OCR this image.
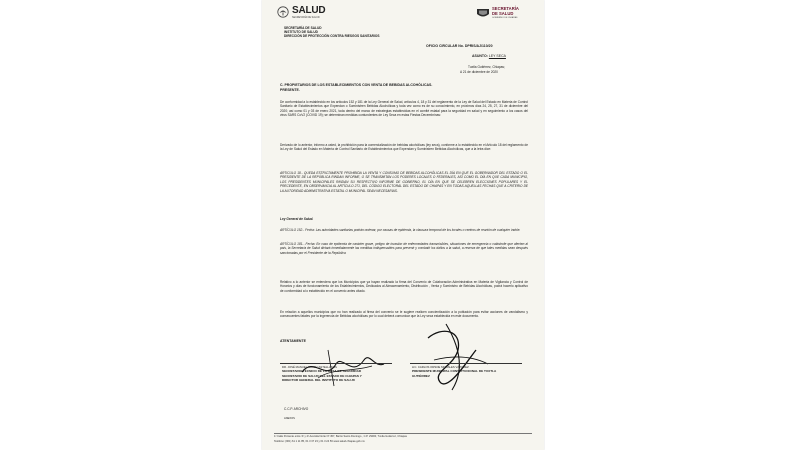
SALUD
SECRETARÍA DE SALUD
SECRETARÍA
DE SALUD
GOBIERNO DE CHIAPAS
SECRETARÍA DE SALUD
INSTITUTO DE SALUD
DIRECCIÓN DE PROTECCIÓN CONTRA RIESGOS SANITARIOS
OFICIO CIRCULAR No. DPRIS/AJ/110/20
ASUNTO: LEY SECA
Tuxtla Gutiérrez, Chiapas;
A 21 de diciembre de 2020
C. PROPIETARIOS DE LOS ESTABLECIMIENTOS CON VENTA DE BEBIDAS ALCOHÓLICAS.
PRESENTE.
De conformidad a lo establecido en los artículos 152 y 181 de la Ley General de Salud, artículos 4, 18 y 31 del reglamento de la Ley de Salud del Estado en Materia de Control Sanitario de Establecimientos que Expendan o Suministren Bebidas Alcohólicas y toda vez como es de su conocimiento, en próximos días 24, 25, 27, 31 de diciembre del 2020; así como 01 y 03 de enero 2021, toda dentro del marco de estrategias establecidas en el comité estatal para la seguridad en salud y en seguimiento a los casos del virus SARS CoV2 (COVID 19); se determinan medidas contundentes de Ley Seca en estas Fiestas Decembrinas:
Derivado de lo anterior, informo a usted, la prohibición para la comercialización de bebidas alcohólicas (ley seca), conforme a lo establecido en el Artículo 18 del reglamento de la Ley de Salud del Estado en Materia de Control Sanitario de Establecimientos que Expendan y Suministren Bebidas Alcohólicas, que a la letra dice:
ARTICULO 18.- QUEDA ESTRICTAMENTE PROHIBIDA LA VENTA Y CONSUMO DE BEBIDAS ALCOHÓLICAS EL DÍA EN QUE EL GOBERNADOR DEL ESTADO O EL PRESIDENTE DE LA REPÚBLICA RINDAN INFORME, O SE TRANSMITAN LOS PODERES LOCALES O FEDERALES, ASÍ COMO EL DÍA EN QUE CADA MUNICIPIO, LOS PRESIDENTES MUNICIPALES RINDAN SU RESPECTIVO INFORME DE GOBIERNO, EL DÍA EN QUE SE CELEBREN ELECCIONES POPULARES Y EL PRECEDENTE, EN OBSERVANCIA AL ARTÍCULO 271, DEL CÓDIGO ELECTORAL DEL ESTADO DE CHIAPAS Y EN TODAS AQUELLAS FECHAS QUE A CRITERIO DE LA AUTORIDAD ADMINISTRATIVA ESTATAL O MUNICIPAL SEAN NECESARIAS.
Ley General de Salud.
ARTÍCULO 152.- Fecha: Las autoridades sanitarias podrán ordenar, por causas de epidemia, la clausura temporal de los locales o centros de reunión de cualquier índole.
ARTÍCULO 181.- Fecha: En caso de epidemia de carácter grave, peligro de invasión de enfermedades transmisibles, situaciones de emergencia o catástrofe que afecten al país, la Secretaría de Salud dictará inmediatamente las medidas indispensables para prevenir y combatir los daños a la salud, a reserva de que tales medidas sean después sancionadas por el Presidente de la República
Relativo a lo anterior se entendera que los Municipios que ya hayan realizado la firma del Convenio de Colaboración Administrativa en Materia de Vigilancia y Control de Horarios y días de funcionamiento de los Establecimientos, Dedicados al Almacenamiento, Distribución , Venta y Suministro de Bebidas Alcohólicas, podrá hacerlo aplicativo de conformidad a lo establecido en el convenio antes citado.
En relación a aquellos municipios que no han realizado al firma del convenio se le sugiere realicen concientización a la población para evitar acciones de vandalismo y consecuentes fatales por la ingerencia de Bebidas alcohólicas por lo cual deberá comunicar que la Ley seca establecida en este documento.
ATENTAMENTE
DR. JOSÉ MANUEL CRUZ CASTELLANOS
SECRETARIO TÉCNICO DE LA MESA DE SEGURIDAD
SECRETARIO DE SALUD DEL ESTADO DE CHIAPAS Y
DIRECTOR GENERAL DEL INSTITUTO DE SALUD
LIC. CARLOS ORSOE MORALES VÁZQUEZ
PRESIDENTE MUNICIPAL CONSTITUCIONAL DE TUXTLA
GUTIÉRREZ
C.C.P. ARCHIVO
ANEXOS
1ª Calle Poniente entre 3ª y 4ª Avenida Norte Nº 457, Barrio Santo Domingo , C.P. 29000, Tuxtla Gutiérrez, Chiapas
Teléfono: (961) 61 1 11 85, 61 3 37 23 y 61 3 24 56 www.salud.chiapas.gob.mx
